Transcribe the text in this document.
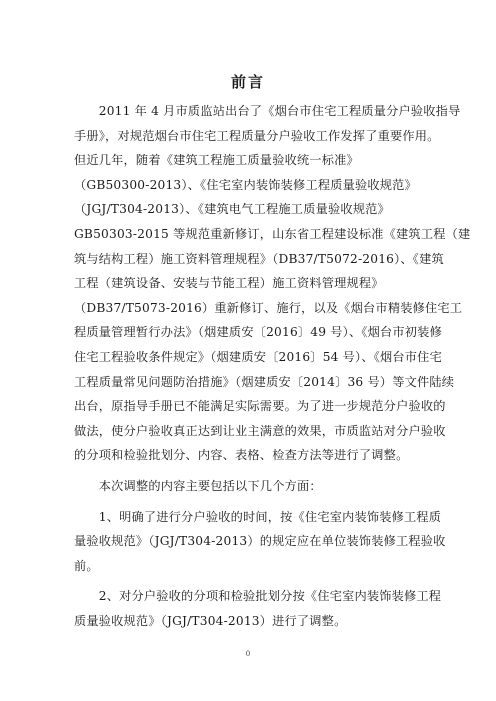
前言
　　2011 年 4 月市质监站出台了《烟台市住宅工程质量分户验收指导
手册》，对规范烟台市住宅工程质量分户验收工作发挥了重要作用。
但近几年，随着《建筑工程施工质量验收统一标准》
（GB50300-2013）、《住宅室内装饰装修工程质量验收规范》
（JGJ/T304-2013）、《建筑电气工程施工质量验收规范》
GB50303-2015 等规范重新修订，山东省工程建设标准《建筑工程（建
筑与结构工程）施工资料管理规程》（DB37/T5072-2016）、《建筑
工程（建筑设备、安装与节能工程）施工资料管理规程》
（DB37/T5073-2016）重新修订、施行，以及《烟台市精装修住宅工
程质量管理暂行办法》（烟建质安〔2016〕49 号）、《烟台市初装修
住宅工程验收条件规定》（烟建质安〔2016〕54 号）、《烟台市住宅
工程质量常见问题防治措施》（烟建质安〔2014〕36 号）等文件陆续
出台，原指导手册已不能满足实际需要。为了进一步规范分户验收的
做法，使分户验收真正达到让业主满意的效果，市质监站对分户验收
的分项和检验批划分、内容、表格、检查方法等进行了调整。
　　本次调整的内容主要包括以下几个方面：
　　1、明确了进行分户验收的时间，按《住宅室内装饰装修工程质
量验收规范》（JGJ/T304-2013）的规定应在单位装饰装修工程验收
前。
　　2、对分户验收的分项和检验批划分按《住宅室内装饰装修工程
质量验收规范》（JGJ/T304-2013）进行了调整。
0
